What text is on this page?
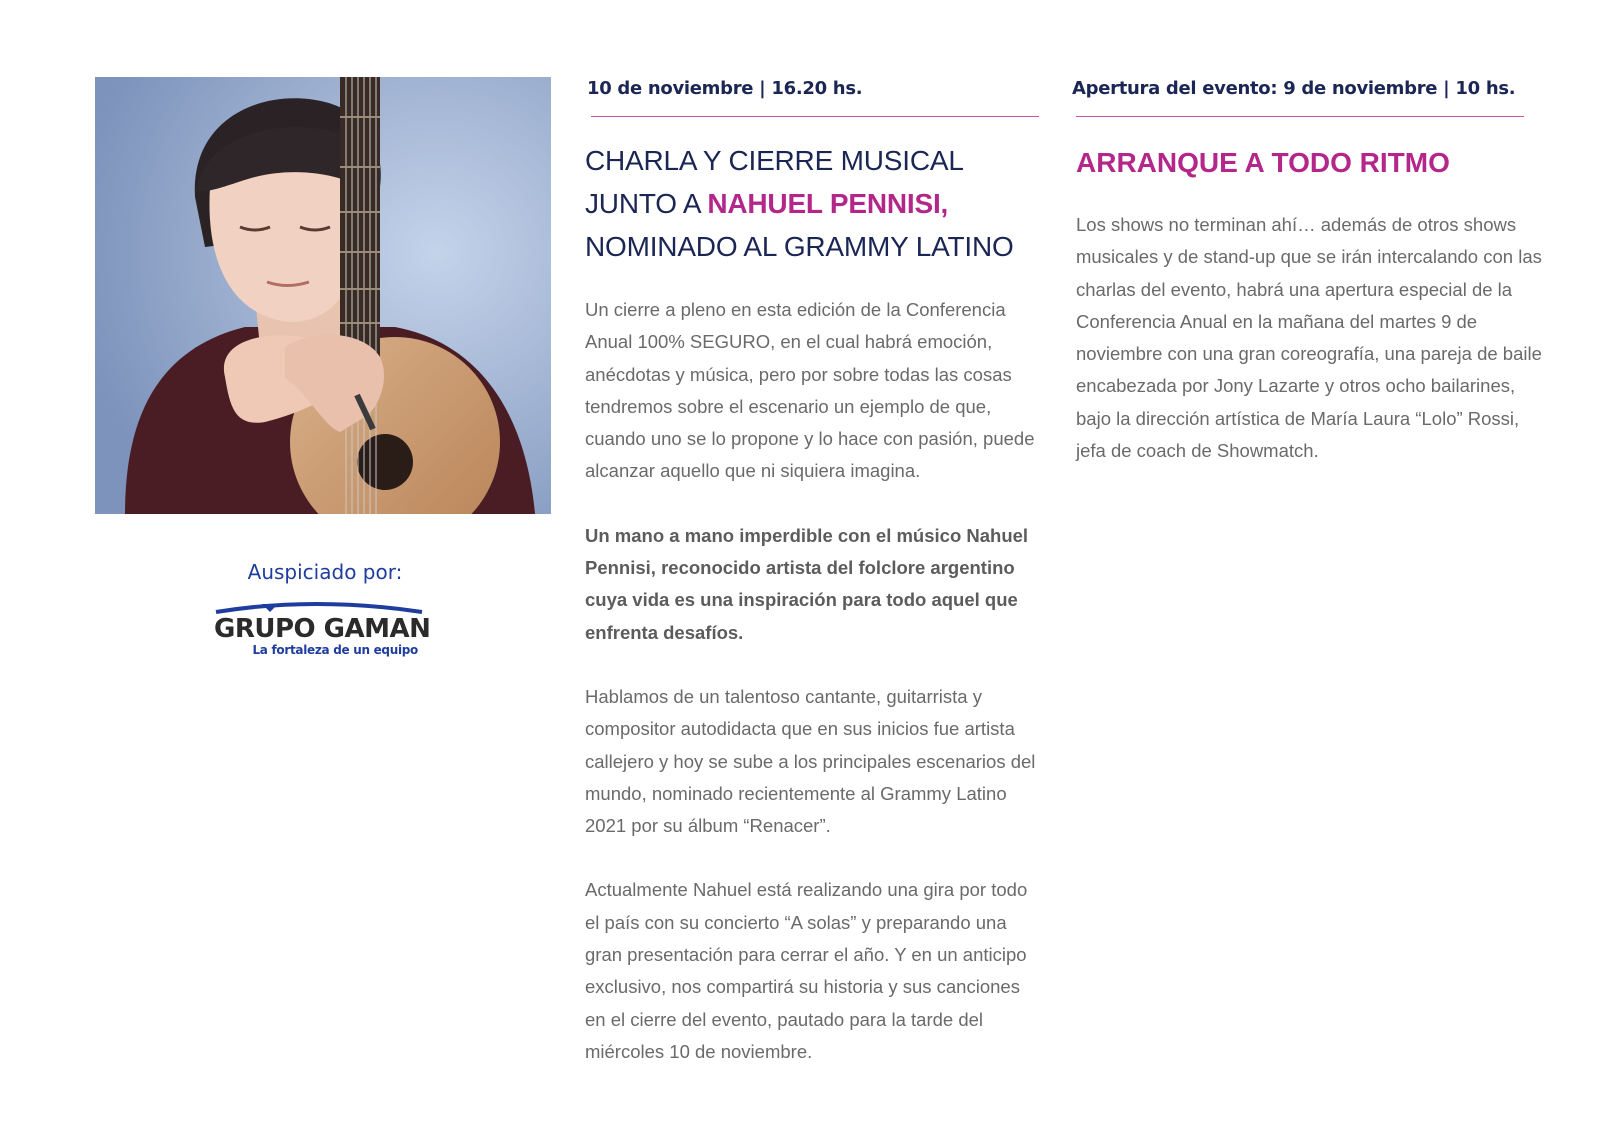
Auspiciado por:
GRUPO GAMAN
La fortaleza de un equipo
10 de noviembre | 16.20 hs.
CHARLA Y CIERRE MUSICAL
JUNTO A NAHUEL PENNISI,
NOMINADO AL GRAMMY LATINO

Un cierre a pleno en esta edición de la Conferencia Anual 100% SEGURO, en el cual habrá emoción, anécdotas y música, pero por sobre todas las cosas tendremos sobre el escenario un ejemplo de que, cuando uno se lo propone y lo hace con pasión, puede alcanzar aquello que ni siquiera imagina.

Un mano a mano imperdible con el músico Nahuel Pennisi, reconocido artista del folclore argentino cuya vida es una inspiración para todo aquel que enfrenta desafíos.

Hablamos de un talentoso cantante, guitarrista y compositor autodidacta que en sus inicios fue artista callejero y hoy se sube a los principales escenarios del mundo, nominado recientemente al Grammy Latino 2021 por su álbum “Renacer”.

Actualmente Nahuel está realizando una gira por todo el país con su concierto “A solas” y preparando una gran presentación para cerrar el año. Y en un anticipo exclusivo, nos compartirá su historia y sus canciones en el cierre del evento, pautado para la tarde del miércoles 10 de noviembre.

Apertura del evento: 9 de noviembre | 10 hs.
ARRANQUE A TODO RITMO

Los shows no terminan ahí… además de otros shows musicales y de stand-up que se irán intercalando con las charlas del evento, habrá una apertura especial de la Conferencia Anual en la mañana del martes 9 de noviembre con una gran coreografía, una pareja de baile encabezada por Jony Lazarte y otros ocho bailarines, bajo la dirección artística de María Laura “Lolo” Rossi, jefa de coach de Showmatch.
